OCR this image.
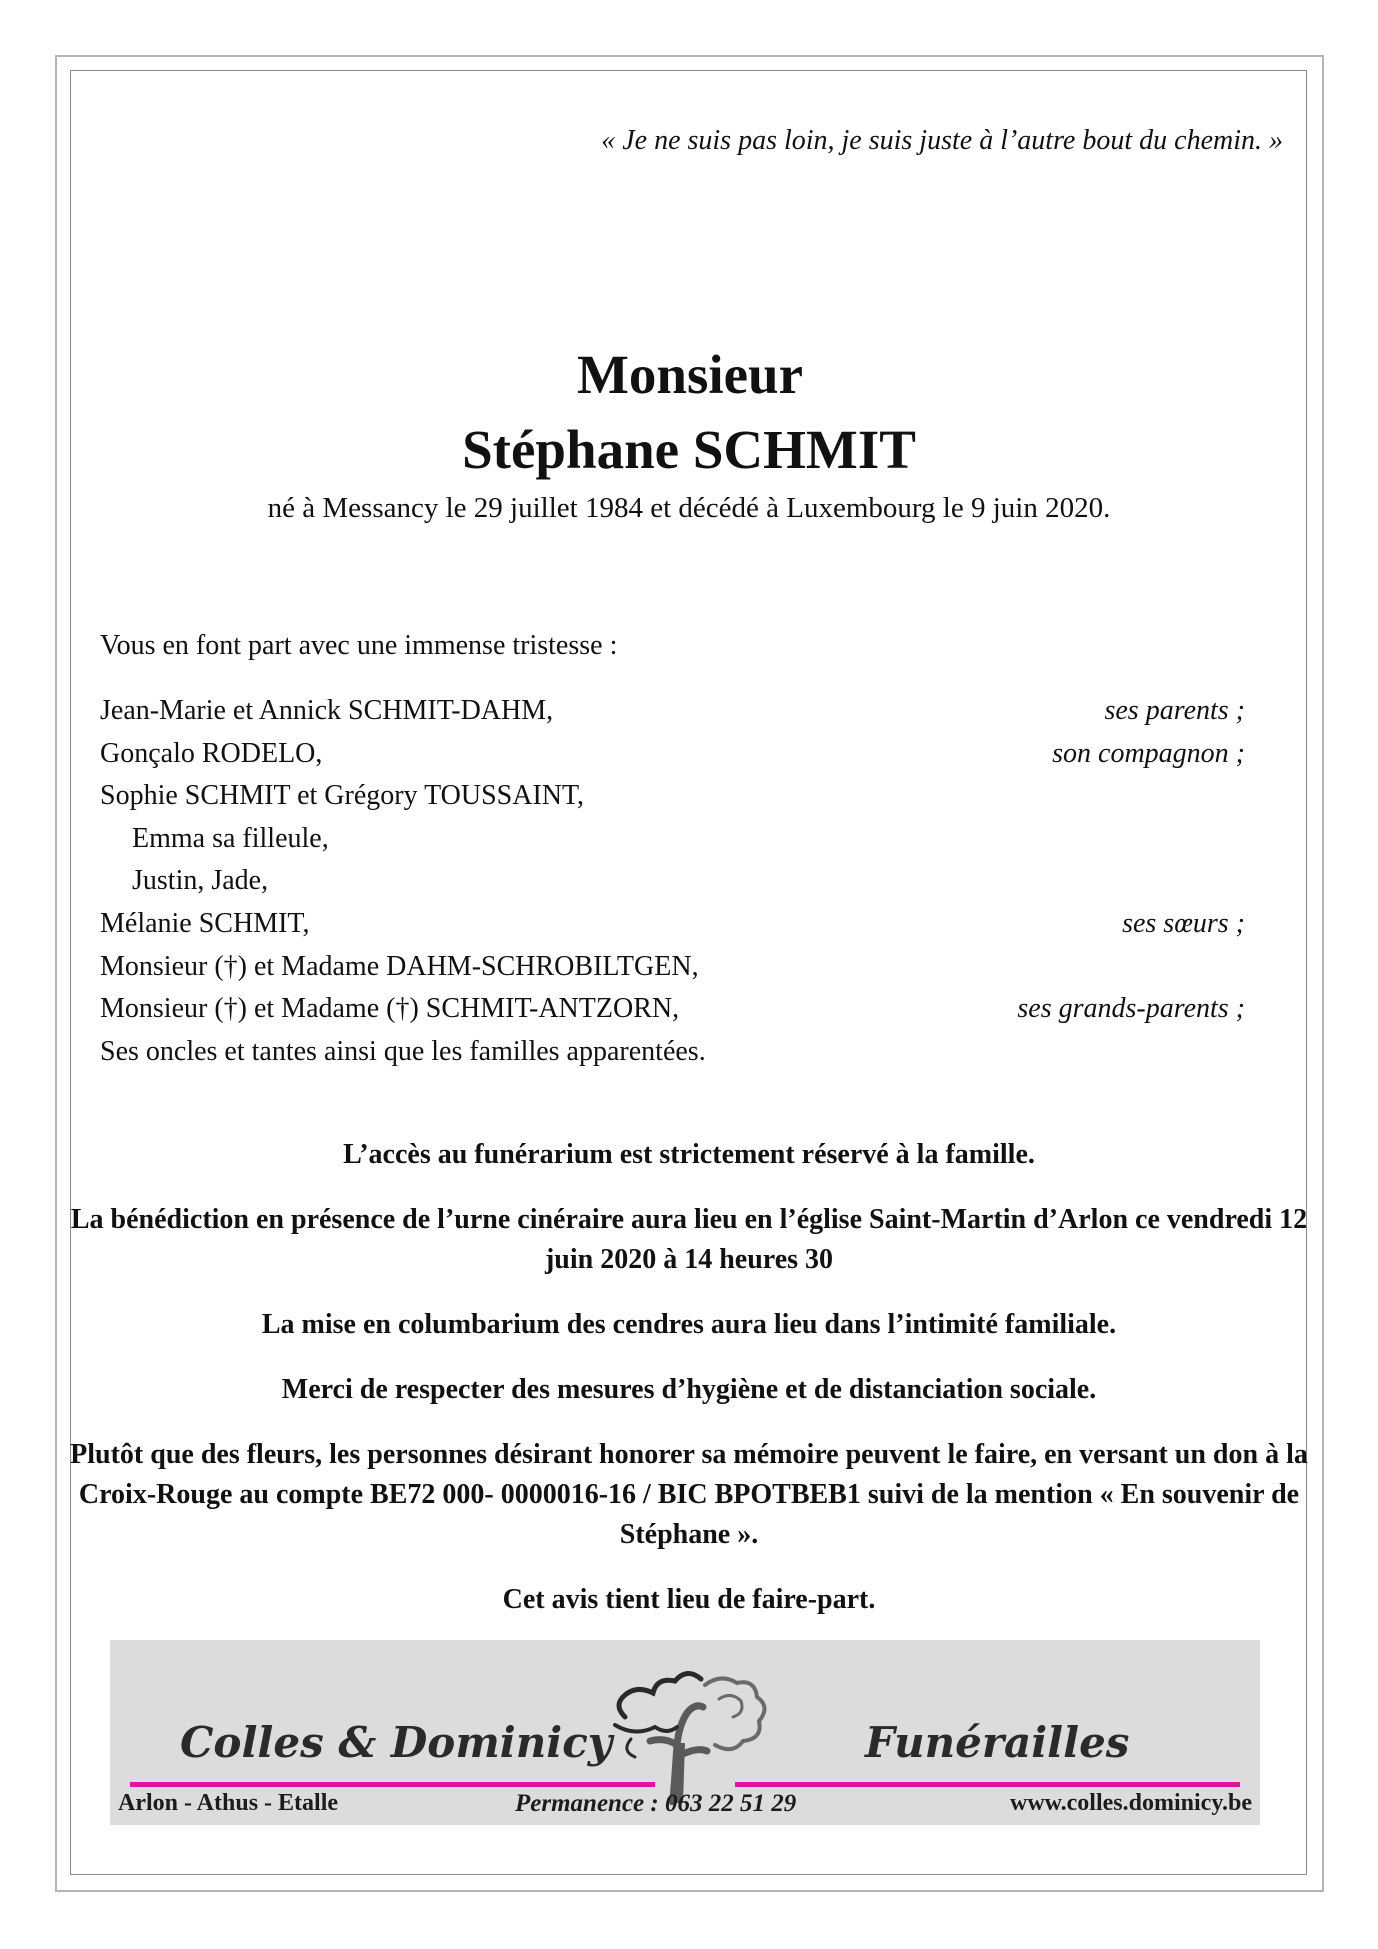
« Je ne suis pas loin, je suis juste à l’autre bout du chemin. »
Monsieur
Stéphane SCHMIT
né à Messancy le 29 juillet 1984 et décédé à Luxembourg le 9 juin 2020.
Vous en font part avec une immense tristesse :
Jean-Marie et Annick SCHMIT-DAHM,	ses parents ;
Gonçalo RODELO,	son compagnon ;
Sophie SCHMIT et Grégory TOUSSAINT,
Emma sa filleule,
Justin, Jade,
Mélanie SCHMIT,	ses sœurs ;
Monsieur (†) et Madame DAHM-SCHROBILTGEN,
Monsieur (†) et Madame (†) SCHMIT-ANTZORN,	ses grands-parents ;
Ses oncles et tantes ainsi que les familles apparentées.

L’accès au funérarium est strictement réservé à la famille.

La bénédiction en présence de l’urne cinéraire aura lieu en l’église Saint-Martin d’Arlon ce vendredi 12 juin 2020 à 14 heures 30

La mise en columbarium des cendres aura lieu dans l’intimité familiale.

Merci de respecter des mesures d’hygiène et de distanciation sociale.

Plutôt que des fleurs, les personnes désirant honorer sa mémoire peuvent le faire, en versant un don à la Croix-Rouge au compte BE72 000- 0000016-16 / BIC BPOTBEB1 suivi de la mention « En souvenir de Stéphane ».

Cet avis tient lieu de faire-part.

Colles & Dominicy	Funérailles
Arlon - Athus - Etalle	Permanence : 063 22 51 29	www.colles.dominicy.be
